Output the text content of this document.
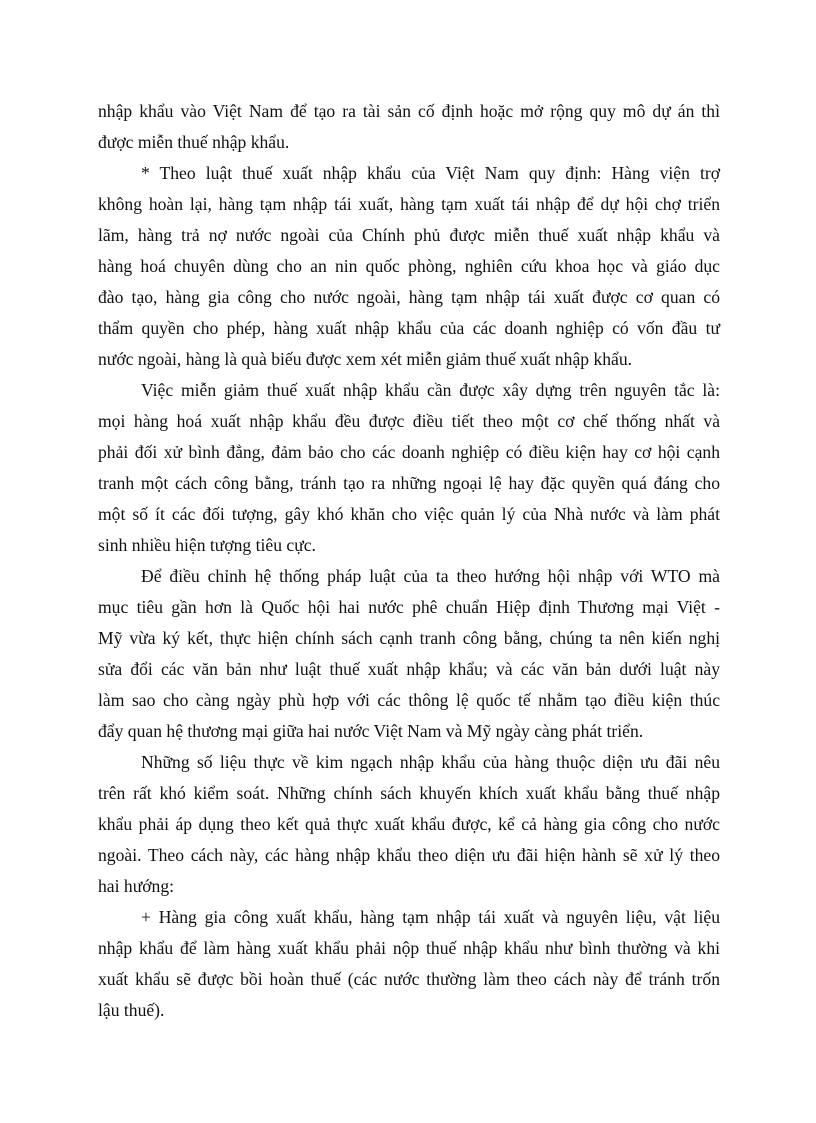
nhập khẩu vào Việt Nam để tạo ra tài sản cố định hoặc mở rộng quy mô dự án thì
được miễn thuế nhập khẩu.
* Theo luật thuế xuất nhập khẩu của Việt Nam quy định: Hàng viện trợ
không hoàn lại, hàng tạm nhập tái xuất, hàng tạm xuất tái nhập để dự hội chợ triển
lãm, hàng trả nợ nước ngoài của Chính phủ được miễn thuế xuất nhập khẩu và
hàng hoá chuyên dùng cho an nin quốc phòng, nghiên cứu khoa học và giáo dục
đào tạo, hàng gia công cho nước ngoài, hàng tạm nhập tái xuất được cơ quan có
thẩm quyền cho phép, hàng xuất nhập khẩu của các doanh nghiệp có vốn đầu tư
nước ngoài, hàng là quà biếu được xem xét miễn giảm thuế xuất nhập khẩu.
Việc miễn giảm thuế xuất nhập khẩu cần được xây dựng trên nguyên tắc là:
mọi hàng hoá xuất nhập khẩu đều được điều tiết theo một cơ chế thống nhất và
phải đối xử bình đẳng, đảm bảo cho các doanh nghiệp có điều kiện hay cơ hội cạnh
tranh một cách công bằng, tránh tạo ra những ngoại lệ hay đặc quyền quá đáng cho
một số ít các đối tượng, gây khó khăn cho việc quản lý của Nhà nước và làm phát
sinh nhiều hiện tượng tiêu cực.
Để điều chỉnh hệ thống pháp luật của ta theo hướng hội nhập với WTO mà
mục tiêu gần hơn là Quốc hội hai nước phê chuẩn Hiệp định Thương mại Việt -
Mỹ vừa ký kết, thực hiện chính sách cạnh tranh công bằng, chúng ta nên kiến nghị
sửa đổi các văn bản như luật thuế xuất nhập khẩu; và các văn bản dưới luật này
làm sao cho càng ngày phù hợp với các thông lệ quốc tế nhằm tạo điều kiện thúc
đẩy quan hệ thương mại giữa hai nước Việt Nam và Mỹ ngày càng phát triển.
Những số liệu thực về kim ngạch nhập khẩu của hàng thuộc diện ưu đãi nêu
trên rất khó kiểm soát. Những chính sách khuyến khích xuất khẩu bằng thuế nhập
khẩu phải áp dụng theo kết quả thực xuất khẩu được, kể cả hàng gia công cho nước
ngoài. Theo cách này, các hàng nhập khẩu theo diện ưu đãi hiện hành sẽ xử lý theo
hai hướng:
+ Hàng gia công xuất khẩu, hàng tạm nhập tái xuất và nguyên liệu, vật liệu
nhập khẩu để làm hàng xuất khẩu phải nộp thuế nhập khẩu như bình thường và khi
xuất khẩu sẽ được bồi hoàn thuế (các nước thường làm theo cách này để tránh trốn
lậu thuế).
